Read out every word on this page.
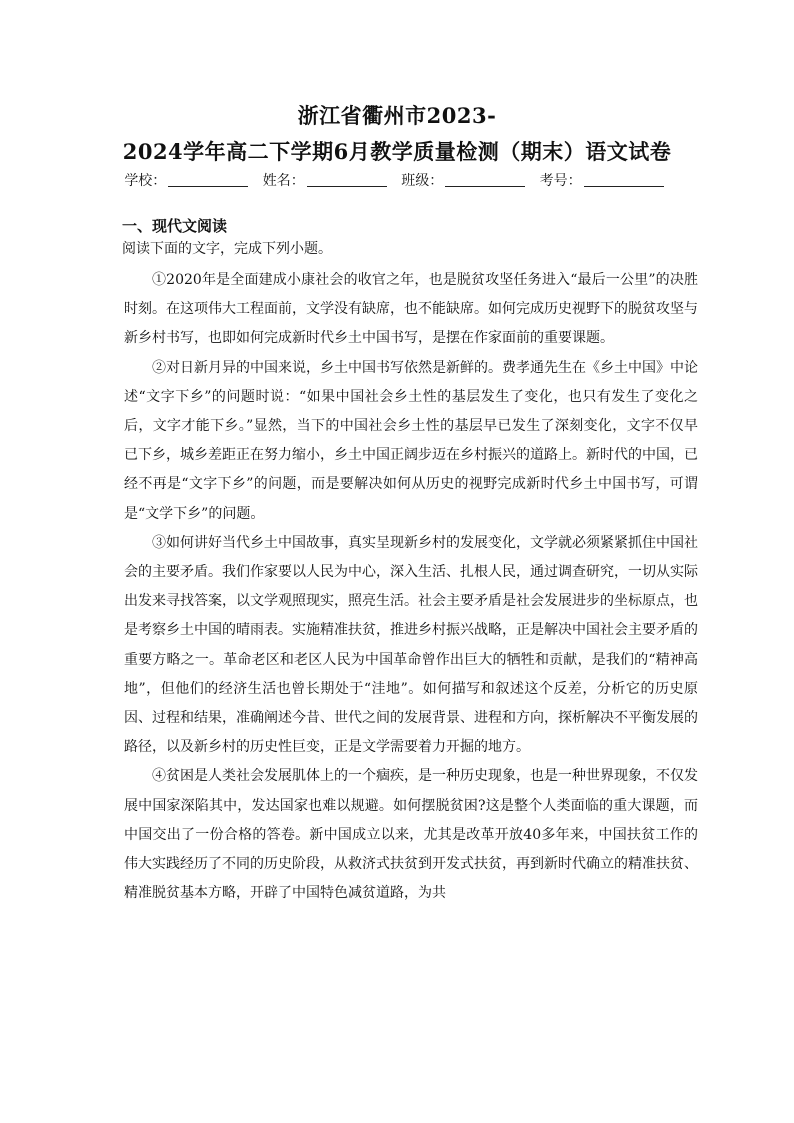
浙江省衢州市2023-
2024学年高二下学期6月教学质量检测（期末）语文试卷
学校：	姓名：	班级：	考号：
一、现代文阅读
阅读下面的文字，完成下列小题。

①2020年是全面建成小康社会的收官之年，也是脱贫攻坚任务进入“最后一公里”的决胜时刻。在这项伟大工程面前，文学没有缺席，也不能缺席。如何完成历史视野下的脱贫攻坚与新乡村书写，也即如何完成新时代乡土中国书写，是摆在作家面前的重要课题。

②对日新月异的中国来说，乡土中国书写依然是新鲜的。费孝通先生在《乡土中国》中论述“文字下乡”的问题时说：“如果中国社会乡土性的基层发生了变化，也只有发生了变化之后，文字才能下乡。”显然，当下的中国社会乡土性的基层早已发生了深刻变化，文字不仅早已下乡，城乡差距正在努力缩小，乡土中国正阔步迈在乡村振兴的道路上。新时代的中国，已经不再是“文字下乡”的问题，而是要解决如何从历史的视野完成新时代乡土中国书写，可谓是“文学下乡”的问题。

③如何讲好当代乡土中国故事，真实呈现新乡村的发展变化，文学就必须紧紧抓住中国社会的主要矛盾。我们作家要以人民为中心，深入生活、扎根人民，通过调查研究，一切从实际出发来寻找答案，以文学观照现实，照亮生活。社会主要矛盾是社会发展进步的坐标原点，也是考察乡土中国的晴雨表。实施精准扶贫，推进乡村振兴战略，正是解决中国社会主要矛盾的重要方略之一。革命老区和老区人民为中国革命曾作出巨大的牺牲和贡献，是我们的“精神高地”，但他们的经济生活也曾长期处于“洼地”。如何描写和叙述这个反差，分析它的历史原因、过程和结果，准确阐述今昔、世代之间的发展背景、进程和方向，探析解决不平衡发展的路径，以及新乡村的历史性巨变，正是文学需要着力开掘的地方。

④贫困是人类社会发展肌体上的一个痼疾，是一种历史现象，也是一种世界现象，不仅发展中国家深陷其中，发达国家也难以规避。如何摆脱贫困?这是整个人类面临的重大课题，而中国交出了一份合格的答卷。新中国成立以来，尤其是改革开放40多年来，中国扶贫工作的伟大实践经历了不同的历史阶段，从救济式扶贫到开发式扶贫，再到新时代确立的精准扶贫、精准脱贫基本方略，开辟了中国特色减贫道路，为共
